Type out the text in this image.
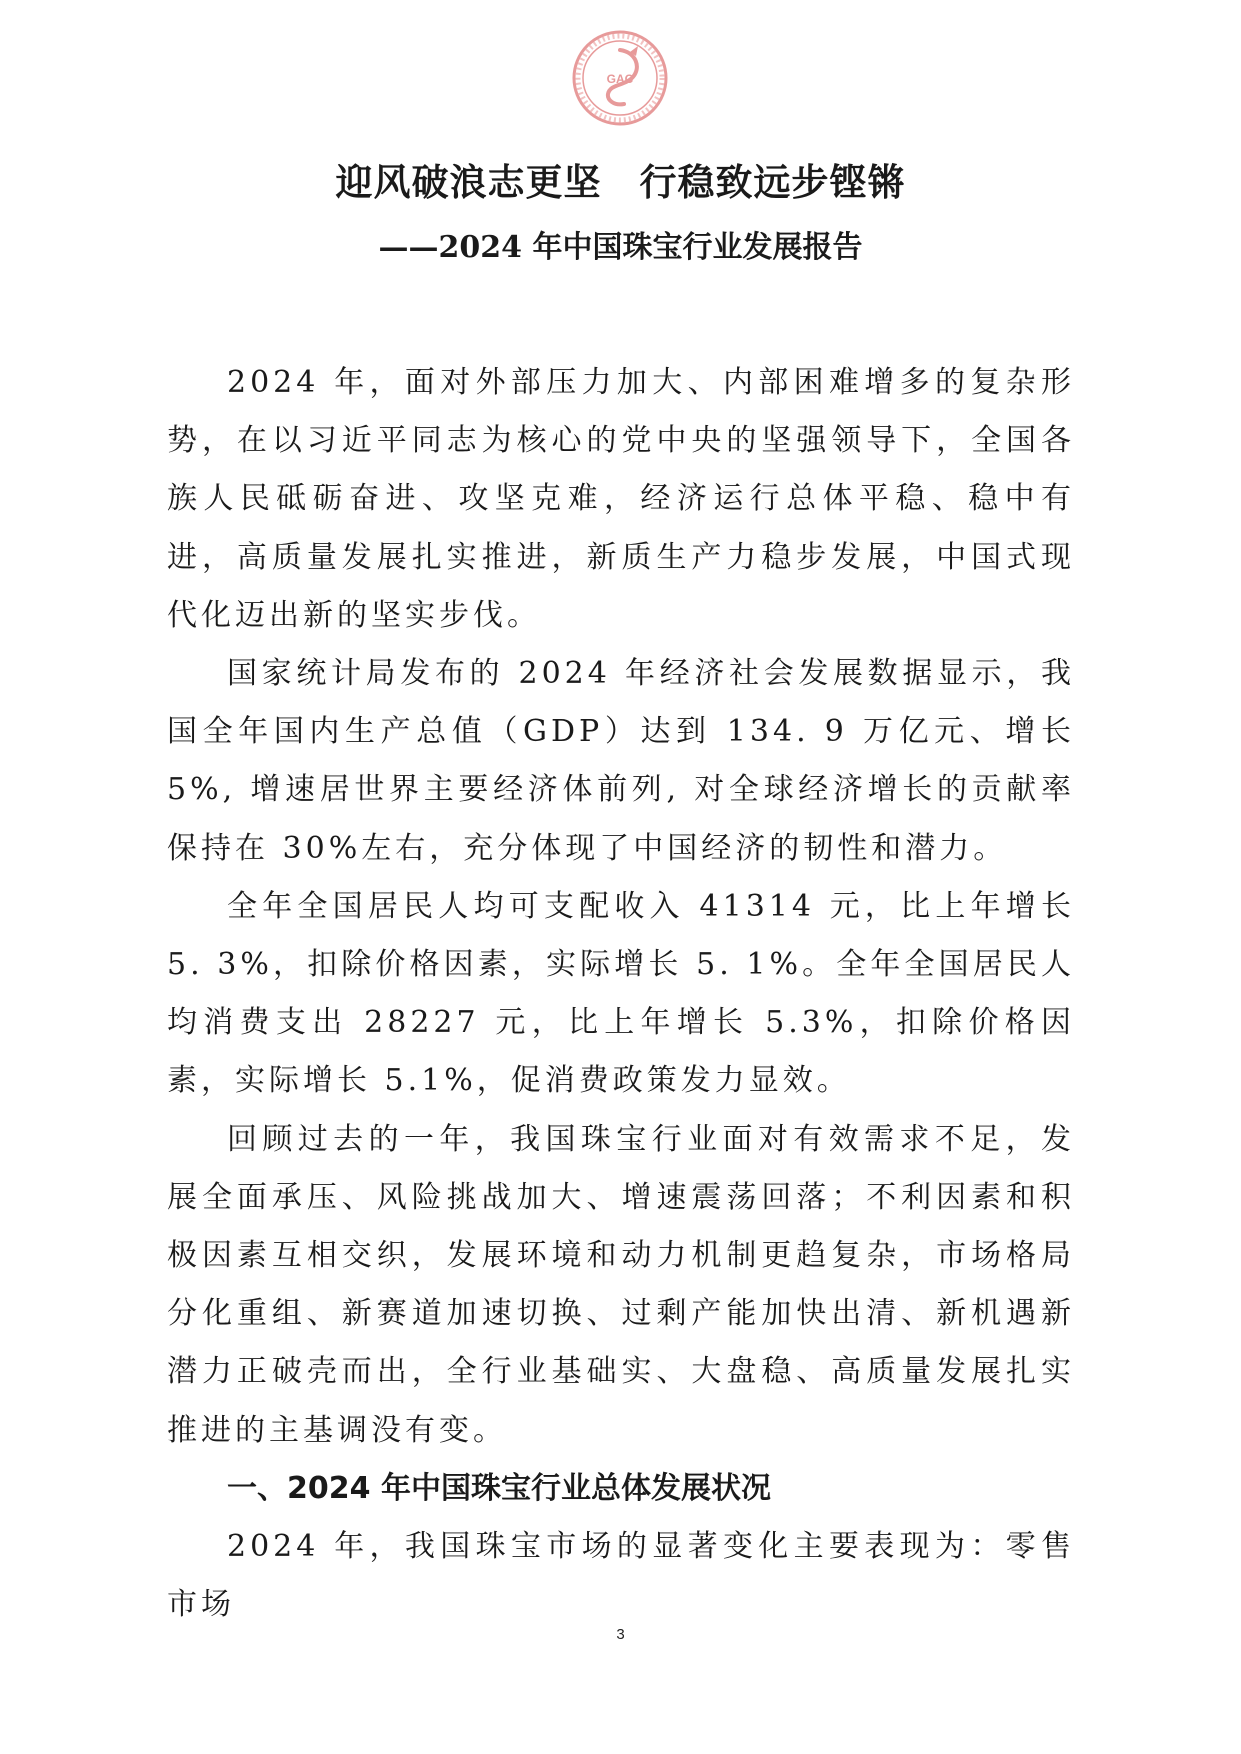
GAC
迎风破浪志更坚　行稳致远步铿锵
——2024 年中国珠宝行业发展报告

2024 年，面对外部压力加大、内部困难增多的复杂形势，在以习近平同志为核心的党中央的坚强领导下，全国各族人民砥砺奋进、攻坚克难，经济运行总体平稳、稳中有进，高质量发展扎实推进，新质生产力稳步发展，中国式现代化迈出新的坚实步伐。

国家统计局发布的 2024 年经济社会发展数据显示，我国全年国内生产总值（GDP）达到 134. 9 万亿元、增长 5%, 增速居世界主要经济体前列, 对全球经济增长的贡献率保持在 30%左右，充分体现了中国经济的韧性和潜力。

全年全国居民人均可支配收入 41314 元，比上年增长 5. 3%，扣除价格因素，实际增长 5. 1%。全年全国居民人均消费支出 28227 元，比上年增长 5.3%，扣除价格因素，实际增长 5.1%，促消费政策发力显效。

回顾过去的一年，我国珠宝行业面对有效需求不足，发展全面承压、风险挑战加大、增速震荡回落；不利因素和积极因素互相交织，发展环境和动力机制更趋复杂，市场格局分化重组、新赛道加速切换、过剩产能加快出清、新机遇新潜力正破壳而出，全行业基础实、大盘稳、高质量发展扎实推进的主基调没有变。

一、2024 年中国珠宝行业总体发展状况

2024 年，我国珠宝市场的显著变化主要表现为：零售市场

3
